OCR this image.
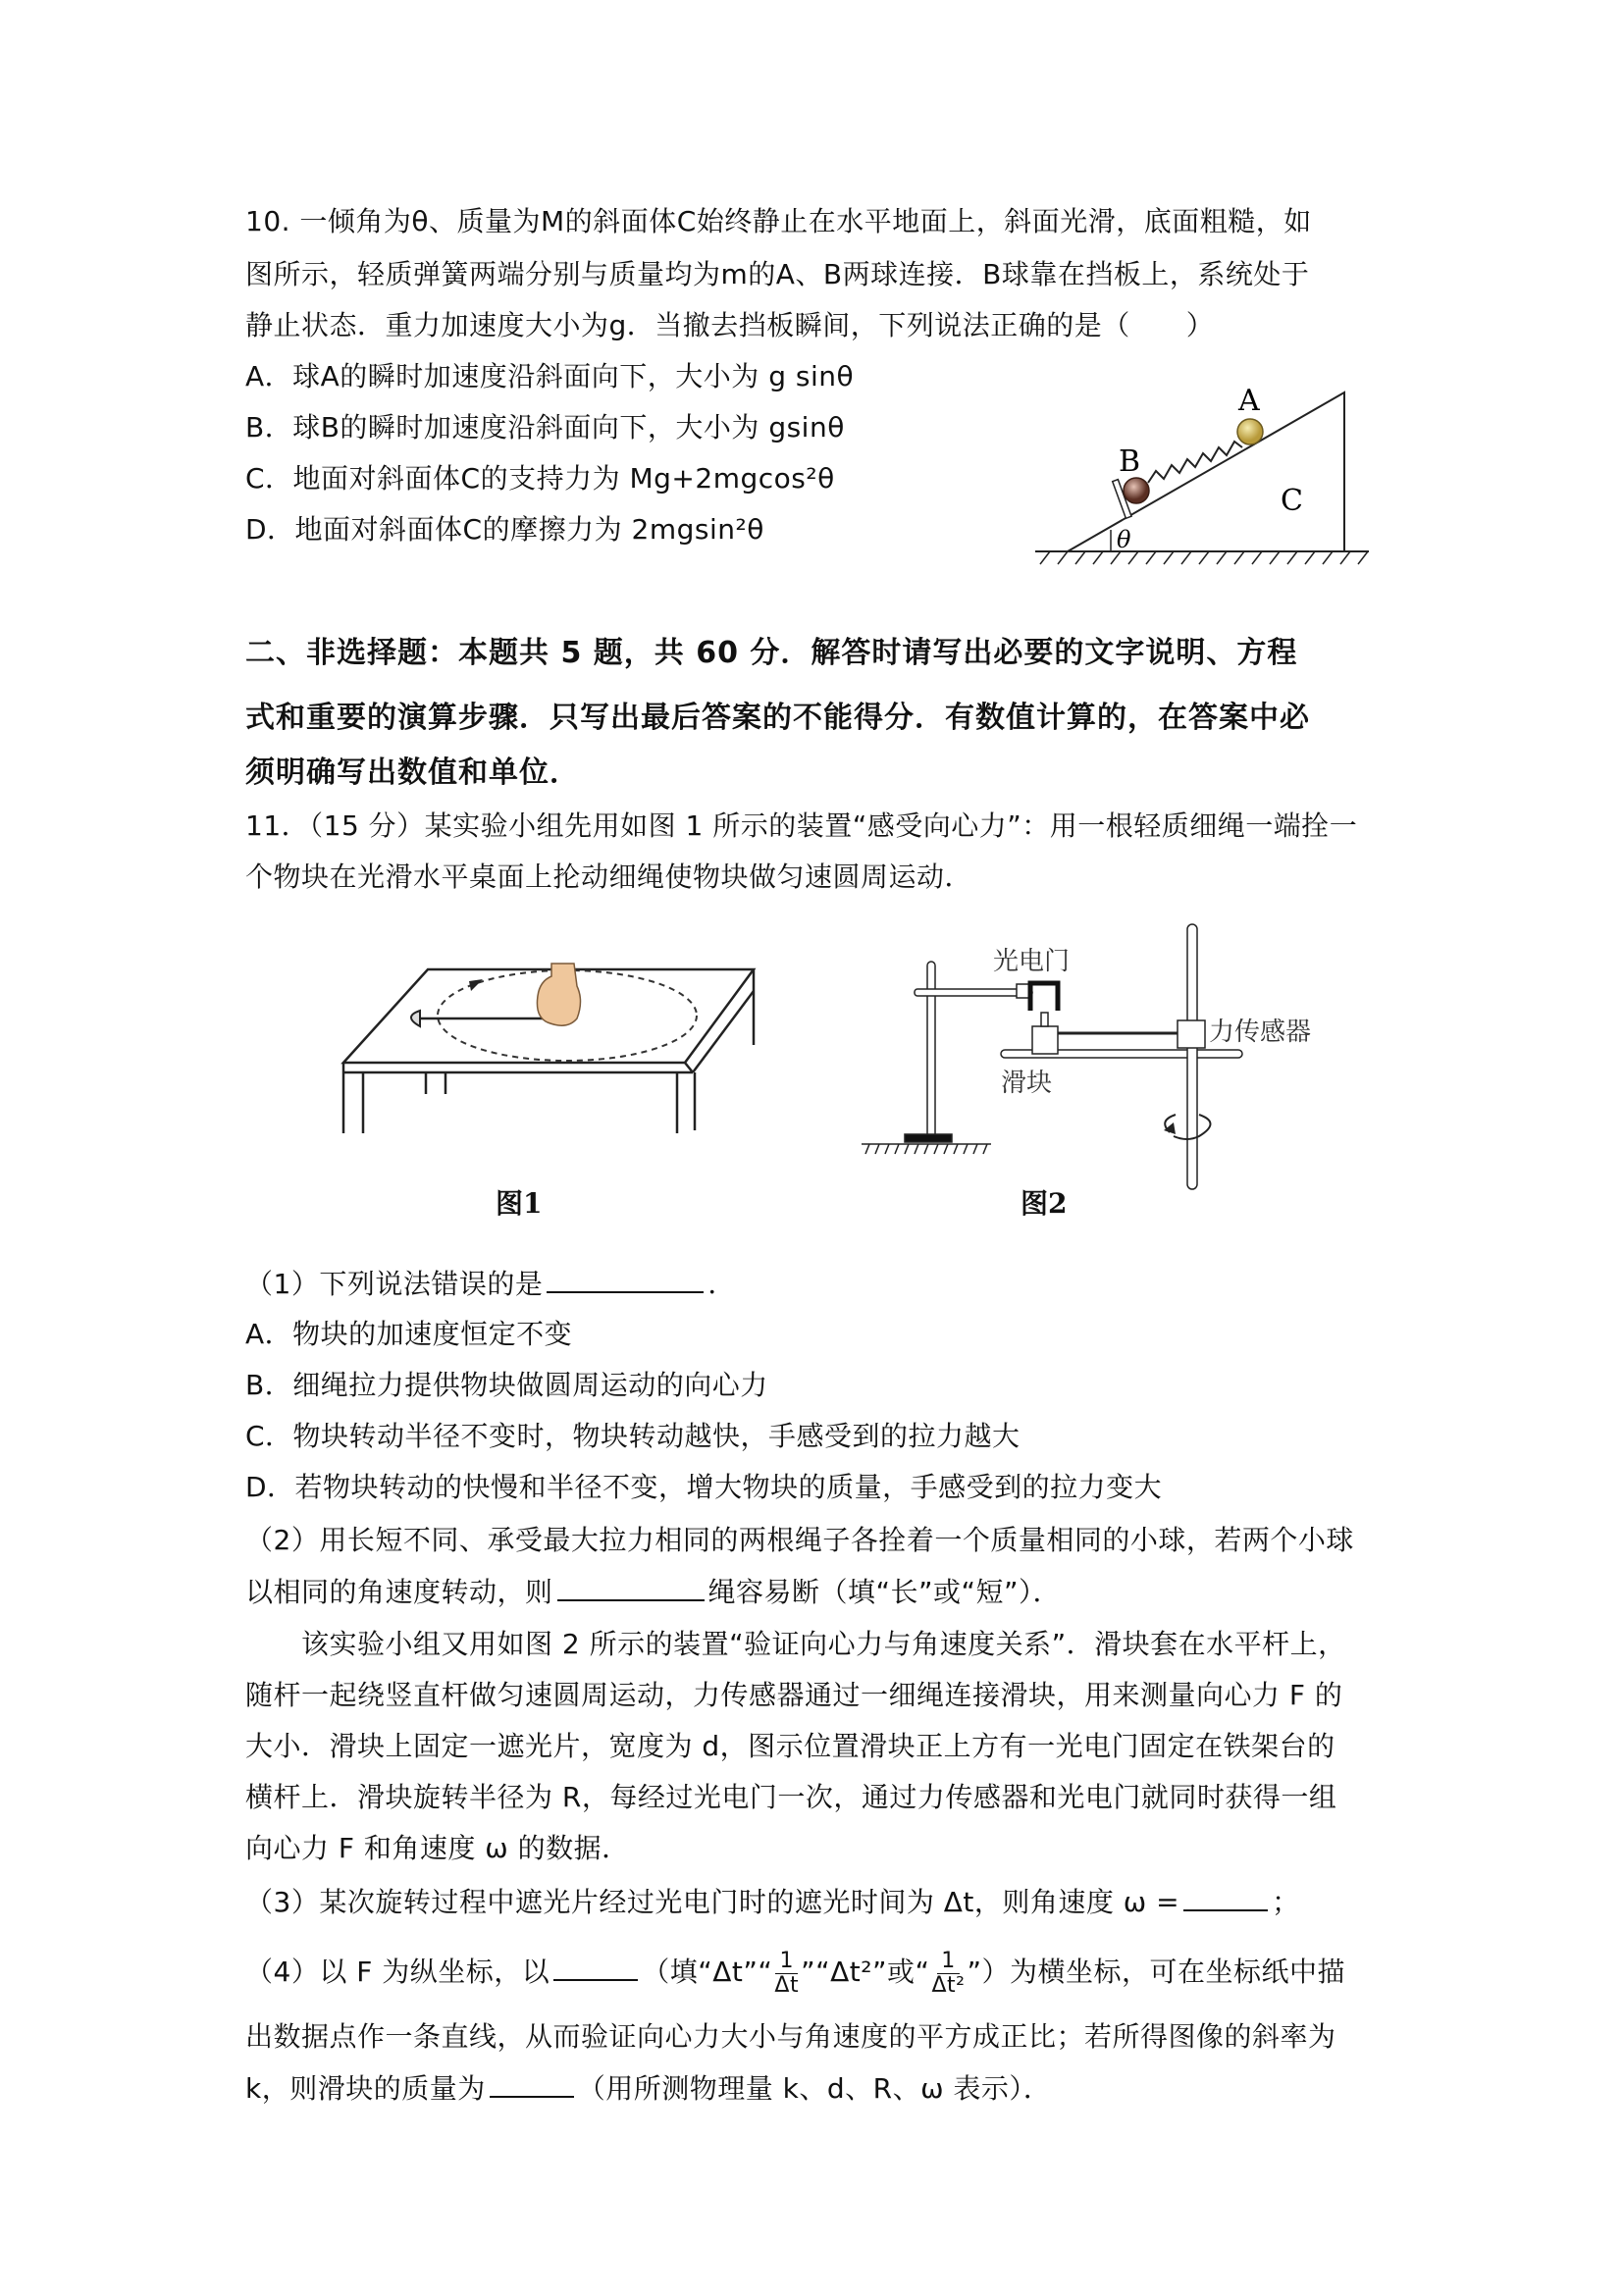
10. 一倾角为θ、质量为M的斜面体C始终静止在水平地面上，斜面光滑，底面粗糙，如
图所示，轻质弹簧两端分别与质量均为m的A、B两球连接．B球靠在挡板上，系统处于
静止状态．重力加速度大小为g．当撤去挡板瞬间，下列说法正确的是（　　）
A．球A的瞬时加速度沿斜面向下，大小为 g sinθ
B．球B的瞬时加速度沿斜面向下，大小为 gsinθ
C．地面对斜面体C的支持力为 Mg+2mgcos²θ
D．地面对斜面体C的摩擦力为 2mgsin²θ
A
B
C
θ
二、非选择题：本题共 5 题，共 60 分．解答时请写出必要的文字说明、方程
式和重要的演算步骤．只写出最后答案的不能得分．有数值计算的，在答案中必
须明确写出数值和单位．
11．（15 分）某实验小组先用如图 1 所示的装置“感受向心力”：用一根轻质细绳一端拴一
个物块在光滑水平桌面上抡动细绳使物块做匀速圆周运动．
图1
光电门
力传感器
滑块
图2
（1）下列说法错误的是	．
A．物块的加速度恒定不变
B．细绳拉力提供物块做圆周运动的向心力
C．物块转动半径不变时，物块转动越快，手感受到的拉力越大
D．若物块转动的快慢和半径不变，增大物块的质量，手感受到的拉力变大
（2）用长短不同、承受最大拉力相同的两根绳子各拴着一个质量相同的小球，若两个小球
以相同的角速度转动，则	绳容易断（填“长”或“短”）．
　　该实验小组又用如图 2 所示的装置“验证向心力与角速度关系”．滑块套在水平杆上，
随杆一起绕竖直杆做匀速圆周运动，力传感器通过一细绳连接滑块，用来测量向心力 F 的
大小．滑块上固定一遮光片，宽度为 d，图示位置滑块正上方有一光电门固定在铁架台的
横杆上．滑块旋转半径为 R，每经过光电门一次，通过力传感器和光电门就同时获得一组
向心力 F 和角速度 ω 的数据．
（3）某次旋转过程中遮光片经过光电门时的遮光时间为 Δt，则角速度 ω =	；
（4）以 F 为纵坐标，以	（填“Δt”“ $\frac{1}{\Delta t}$ ”“Δt²”或“ $\frac{1}{\text{Δt²}}$ ”）为横坐标，可在坐标纸中描
出数据点作一条直线，从而验证向心力大小与角速度的平方成正比；若所得图像的斜率为
k，则滑块的质量为	（用所测物理量 k、d、R、ω 表示）．
